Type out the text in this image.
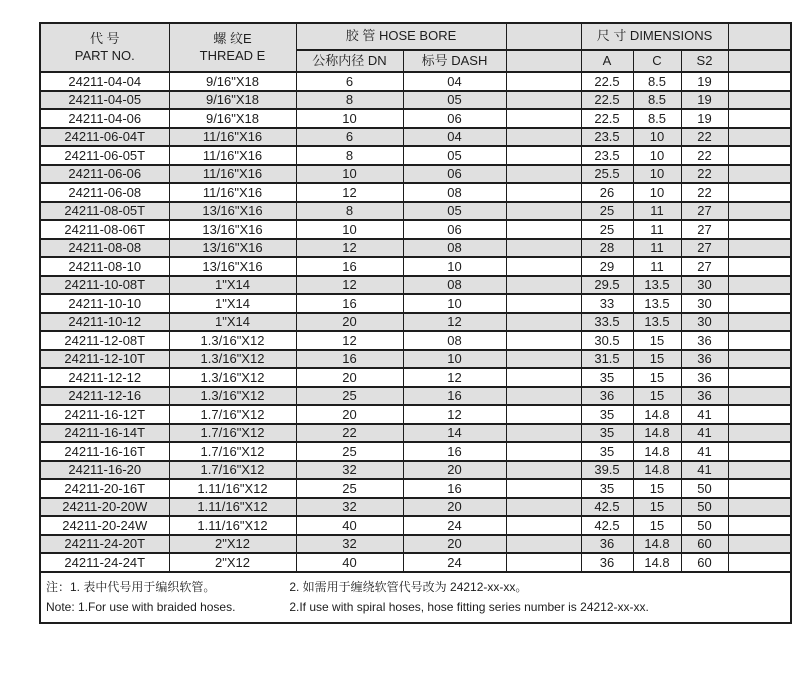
代 号
PART NO.	螺 纹E
THREAD E	胶 管 HOSE BORE			尺 寸 DIMENSIONS			
		公称内径 DN	标号 DASH		A	C	S2	
24211-04-04	9/16"X18	6	04		22.5	8.5	19	
24211-04-05	9/16"X18	8	05		22.5	8.5	19	
24211-04-06	9/16"X18	10	06		22.5	8.5	19	
24211-06-04T	11/16"X16	6	04		23.5	10	22	
24211-06-05T	11/16"X16	8	05		23.5	10	22	
24211-06-06	11/16"X16	10	06		25.5	10	22	
24211-06-08	11/16"X16	12	08		26	10	22	
24211-08-05T	13/16"X16	8	05		25	11	27	
24211-08-06T	13/16"X16	10	06		25	11	27	
24211-08-08	13/16"X16	12	08		28	11	27	
24211-08-10	13/16"X16	16	10		29	11	27	
24211-10-08T	1"X14	12	08		29.5	13.5	30	
24211-10-10	1"X14	16	10		33	13.5	30	
24211-10-12	1"X14	20	12		33.5	13.5	30	
24211-12-08T	1.3/16"X12	12	08		30.5	15	36	
24211-12-10T	1.3/16"X12	16	10		31.5	15	36	
24211-12-12	1.3/16"X12	20	12		35	15	36	
24211-12-16	1.3/16"X12	25	16		36	15	36	
24211-16-12T	1.7/16"X12	20	12		35	14.8	41	
24211-16-14T	1.7/16"X12	22	14		35	14.8	41	
24211-16-16T	1.7/16"X12	25	16		35	14.8	41	
24211-16-20	1.7/16"X12	32	20		39.5	14.8	41	
24211-20-16T	1.11/16"X12	25	16		35	15	50	
24211-20-20W	1.11/16"X12	32	20		42.5	15	50	
24211-20-24W	1.11/16"X12	40	24		42.5	15	50	
24211-24-20T	2"X12	32	20		36	14.8	60	
24211-24-24T	2"X12	40	24		36	14.8	60	

注：1. 表中代号用于编织软管。 2. 如需用于缠绕软管代号改为 24212-xx-xx。
Note: 1.For use with braided hoses. 2.If use with spiral hoses, hose fitting series number is 24212-xx-xx.								
